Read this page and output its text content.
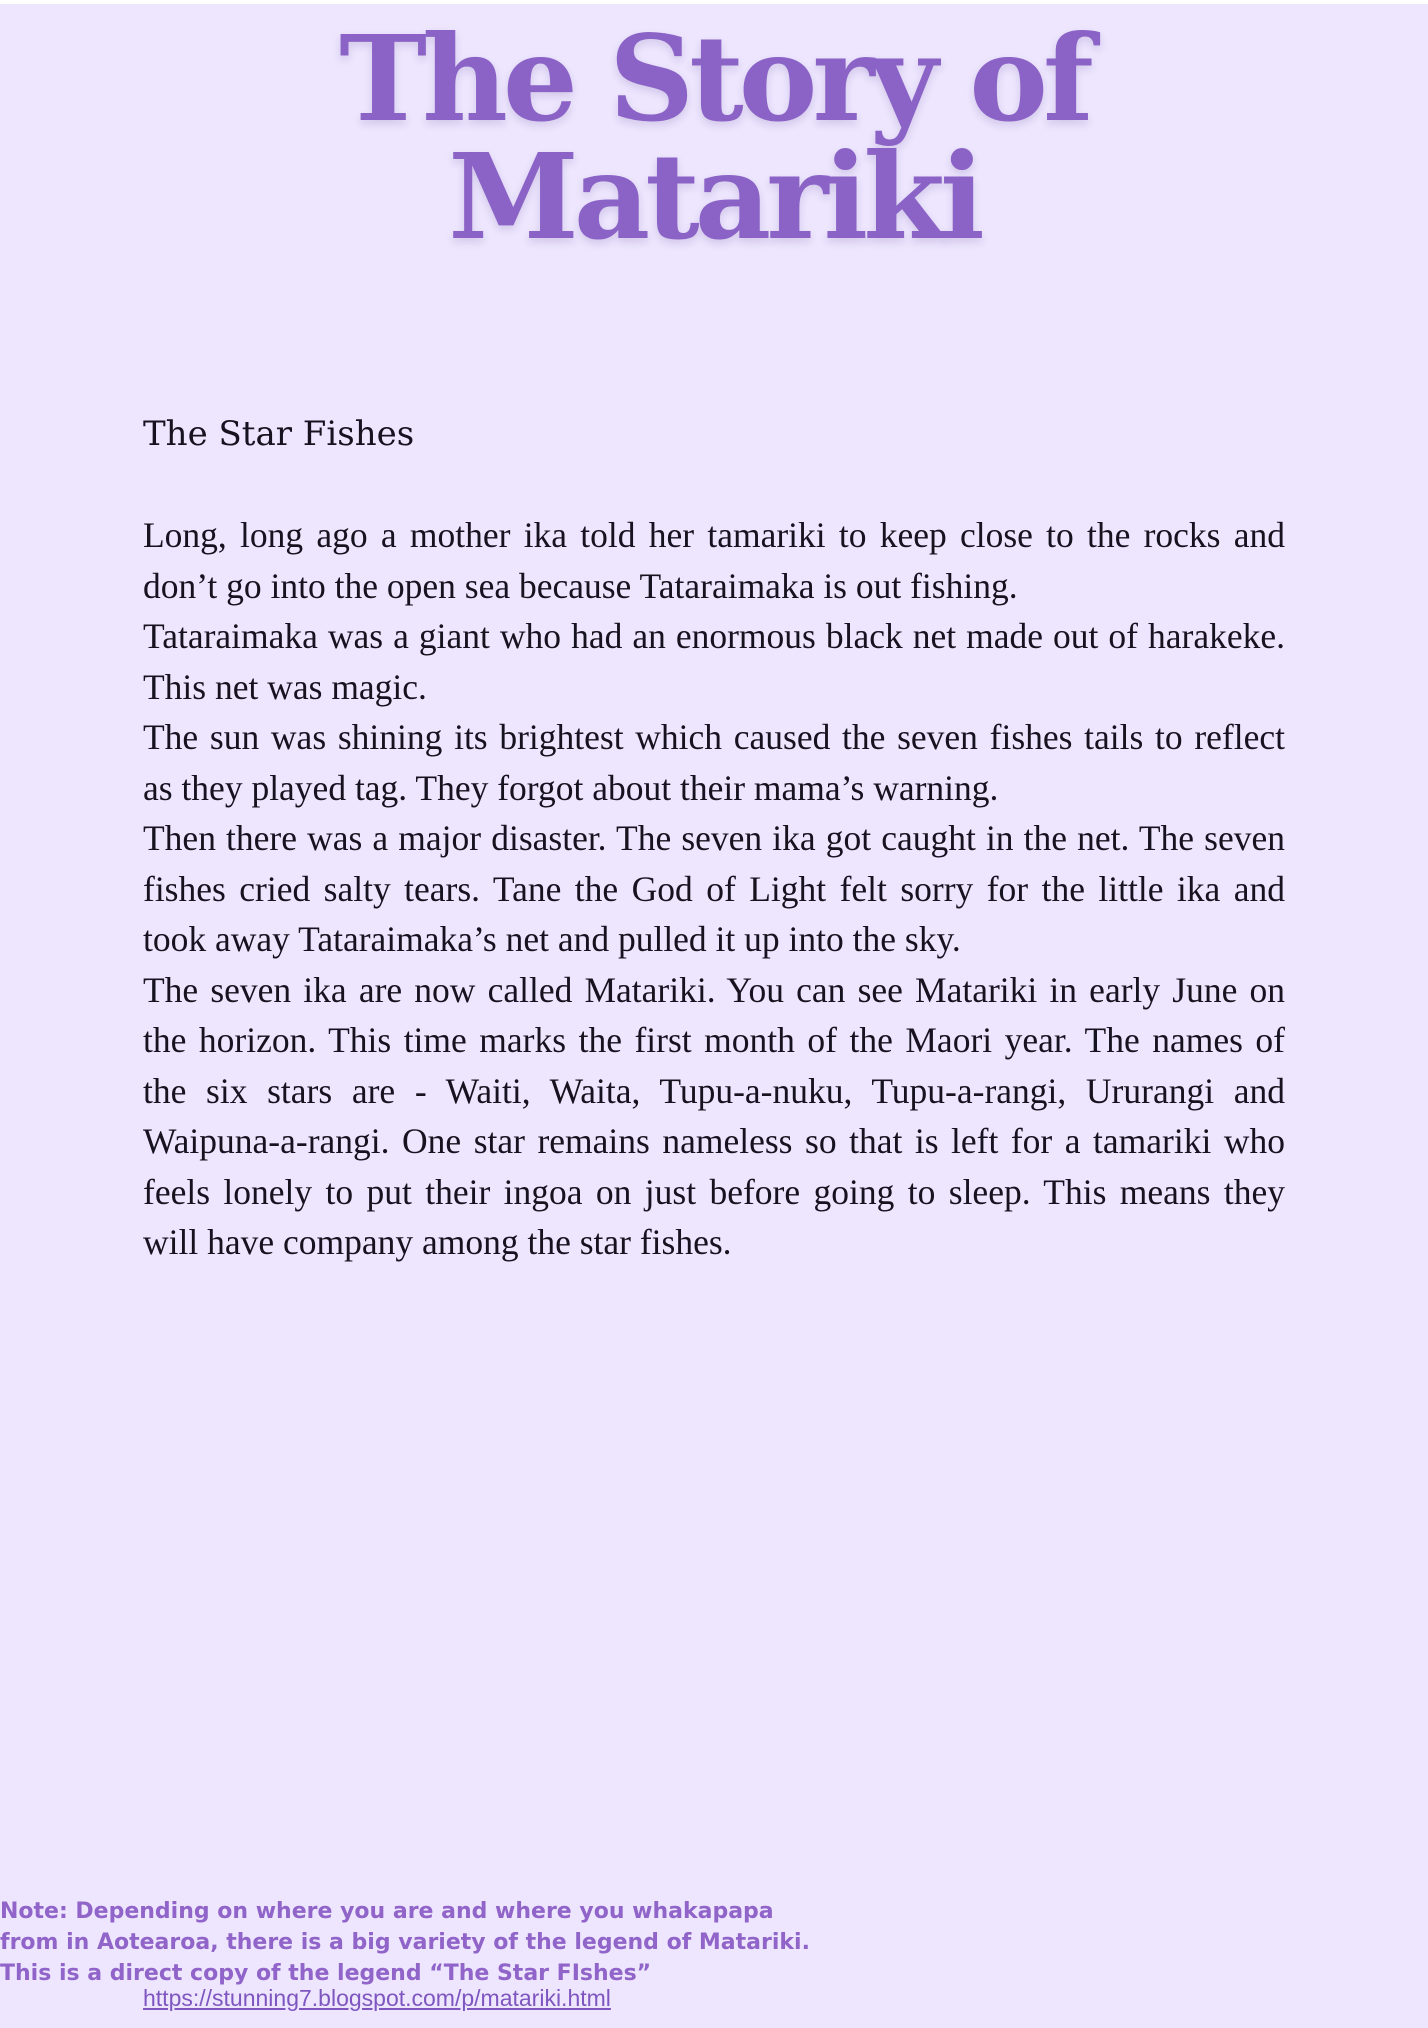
The Story of
Matariki
The Star Fishes

Long, long ago a mother ika told her tamariki to keep close to the rocks and don’t go into the open sea because Tataraimaka is out fishing.

Tataraimaka was a giant who had an enormous black net made out of harakeke. This net was magic.

The sun was shining its brightest which caused the seven fishes tails to reflect as they played tag. They forgot about their mama’s warning.

Then there was a major disaster. The seven ika got caught in the net. The seven fishes cried salty tears. Tane the God of Light felt sorry for the little ika and took away Tataraimaka’s net and pulled it up into the sky.

The seven ika are now called Matariki. You can see Matariki in early June on the horizon. This time marks the first month of the Maori year. The names of the six stars are - Waiti, Waita, Tupu-a-nuku, Tupu-a-rangi, Ururangi and Waipuna-a-rangi. One star remains nameless so that is left for a tamariki who feels lonely to put their ingoa on just before going to sleep. This means they will have company among the star fishes.

Note: Depending on where you are and where you whakapapa from in Aotearoa, there is a big variety of the legend of Matariki. This is a direct copy of the legend “The Star FIshes”

https://stunning7.blogspot.com/p/matariki.html
